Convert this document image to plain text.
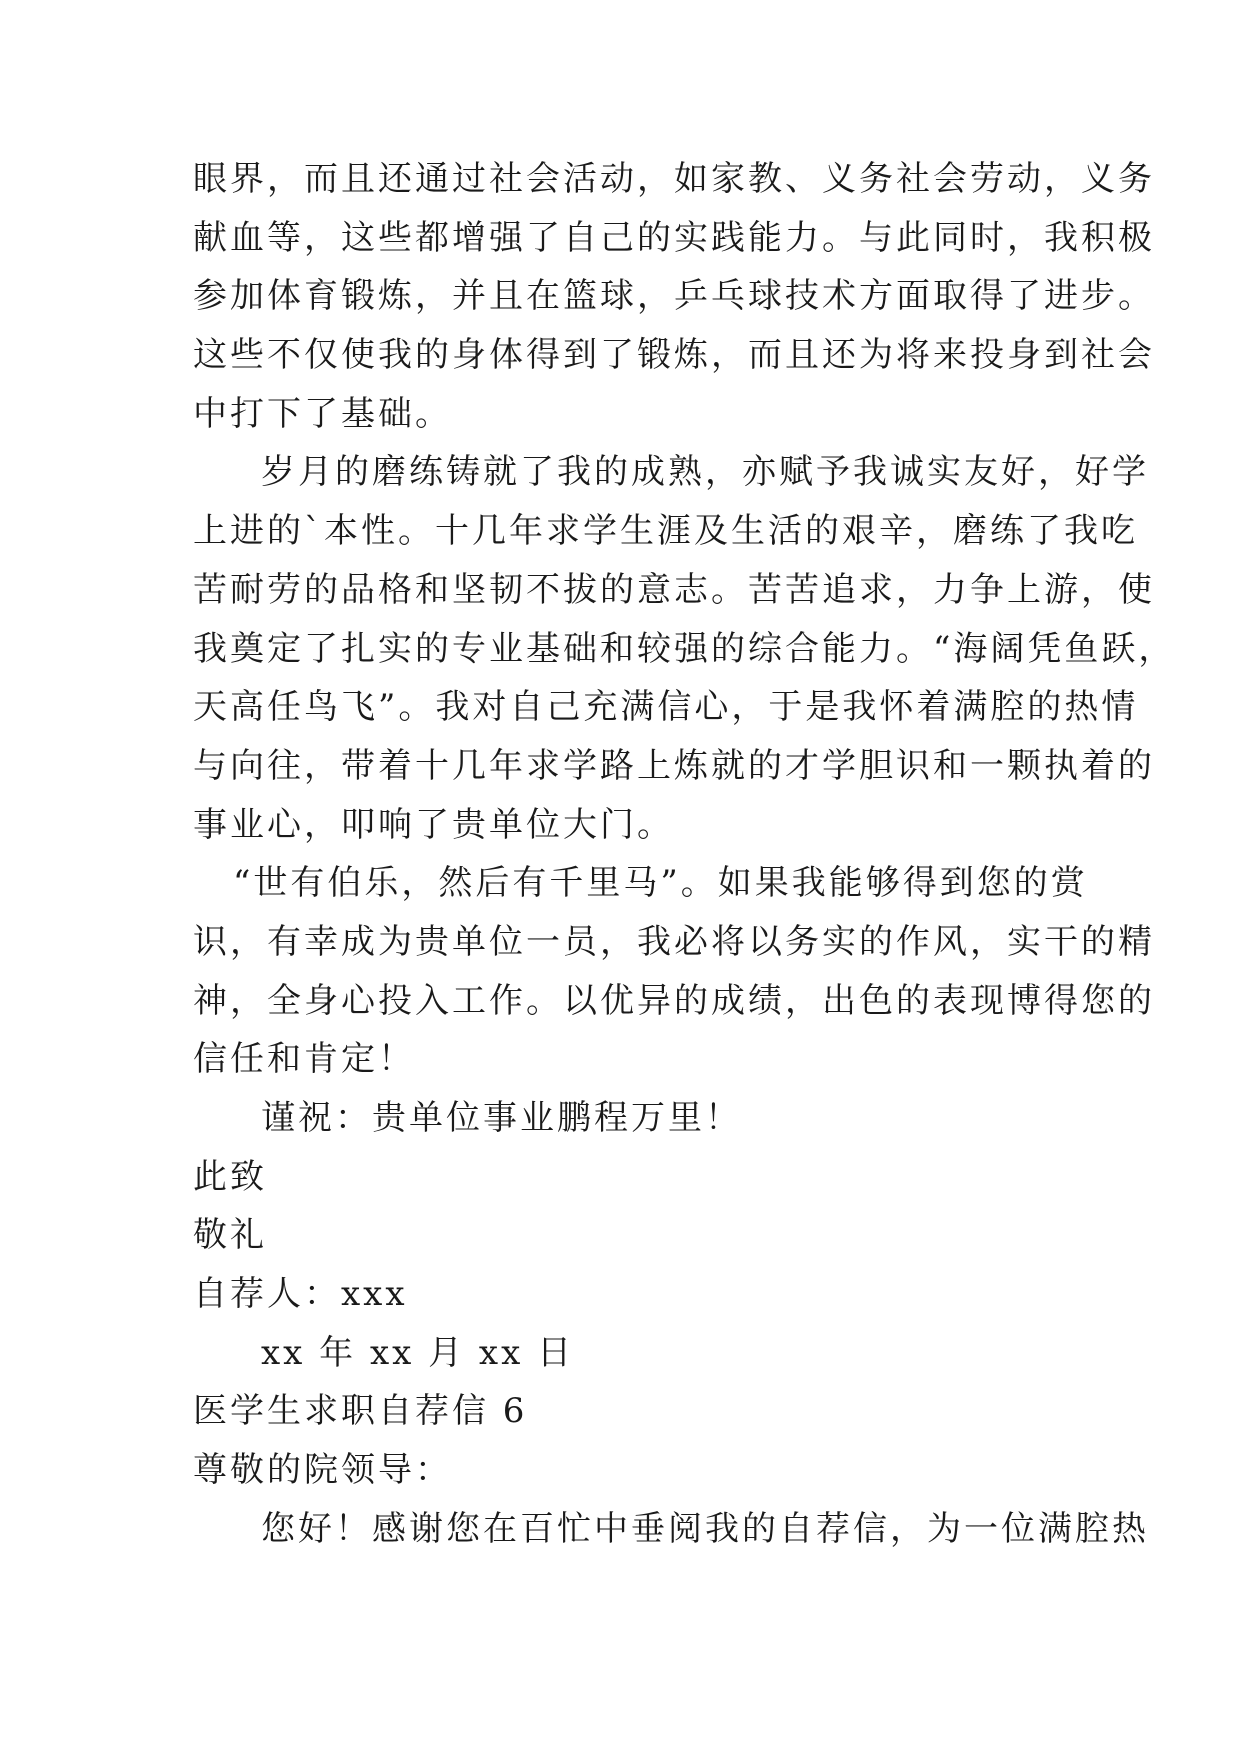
眼界，而且还通过社会活动，如家教、义务社会劳动，义务
献血等，这些都增强了自己的实践能力。与此同时，我积极
参加体育锻炼，并且在篮球，乒乓球技术方面取得了进步。
这些不仅使我的身体得到了锻炼，而且还为将来投身到社会
中打下了基础。
岁月的磨练铸就了我的成熟，亦赋予我诚实友好，好学
上进的`本性。十几年求学生涯及生活的艰辛，磨练了我吃
苦耐劳的品格和坚韧不拔的意志。苦苦追求，力争上游，使
我奠定了扎实的专业基础和较强的综合能力。“海阔凭鱼跃，
天高任鸟飞”。我对自己充满信心，于是我怀着满腔的热情
与向往，带着十几年求学路上炼就的才学胆识和一颗执着的
事业心，叩响了贵单位大门。
“世有伯乐，然后有千里马”。如果我能够得到您的赏
识，有幸成为贵单位一员，我必将以务实的作风，实干的精
神，全身心投入工作。以优异的成绩，出色的表现博得您的
信任和肯定！
谨祝：贵单位事业鹏程万里！
此致
敬礼
自荐人：xxx
xx 年 xx 月 xx 日
医学生求职自荐信 6
尊敬的院领导：
您好！感谢您在百忙中垂阅我的自荐信，为一位满腔热
